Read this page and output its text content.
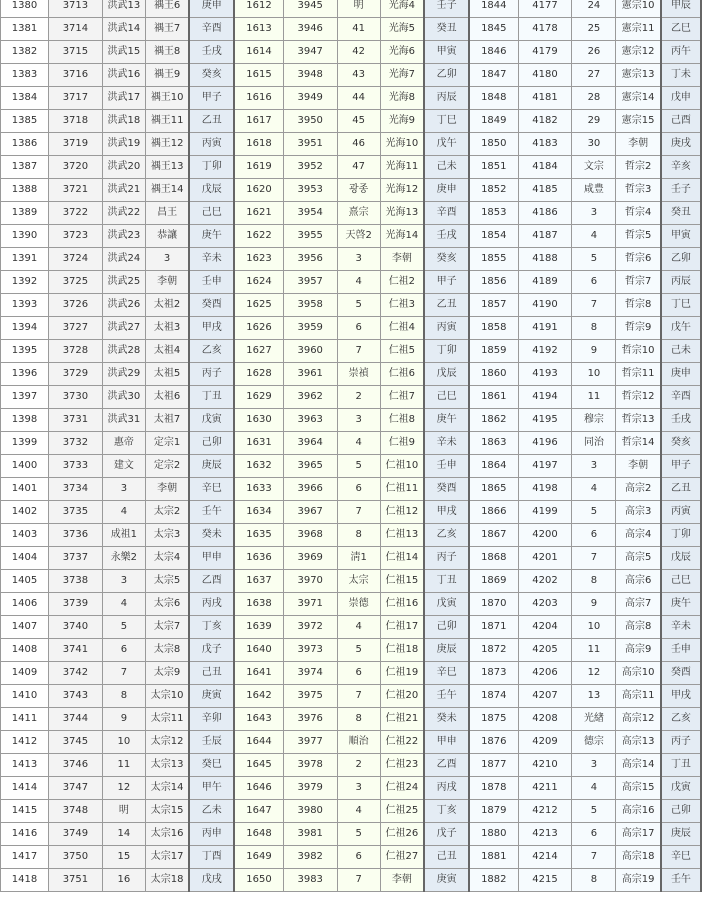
1380	3713	洪武13	禑王6	庚申	1612	3945	明	光海4	壬子	1844	4177	24	憲宗10	甲辰
1381	3714	洪武14	禑王7	辛酉	1613	3946	41	光海5	癸丑	1845	4178	25	憲宗11	乙巳
1382	3715	洪武15	禑王8	壬戌	1614	3947	42	光海6	甲寅	1846	4179	26	憲宗12	丙午
1383	3716	洪武16	禑王9	癸亥	1615	3948	43	光海7	乙卯	1847	4180	27	憲宗13	丁未
1384	3717	洪武17	禑王10	甲子	1616	3949	44	光海8	丙辰	1848	4181	28	憲宗14	戊申
1385	3718	洪武18	禑王11	乙丑	1617	3950	45	光海9	丁巳	1849	4182	29	憲宗15	己酉
1386	3719	洪武19	禑王12	丙寅	1618	3951	46	光海10	戊午	1850	4183	30	李朝	庚戌
1387	3720	洪武20	禑王13	丁卯	1619	3952	47	光海11	己未	1851	4184	文宗	哲宗2	辛亥
1388	3721	洪武21	禑王14	戊辰	1620	3953	광종	光海12	庚申	1852	4185	咸豊	哲宗3	壬子
1389	3722	洪武22	昌王	己巳	1621	3954	熹宗	光海13	辛酉	1853	4186	3	哲宗4	癸丑
1390	3723	洪武23	恭讓	庚午	1622	3955	天啓2	光海14	壬戌	1854	4187	4	哲宗5	甲寅
1391	3724	洪武24	3	辛未	1623	3956	3	李朝	癸亥	1855	4188	5	哲宗6	乙卯
1392	3725	洪武25	李朝	壬申	1624	3957	4	仁祖2	甲子	1856	4189	6	哲宗7	丙辰
1393	3726	洪武26	太祖2	癸酉	1625	3958	5	仁祖3	乙丑	1857	4190	7	哲宗8	丁巳
1394	3727	洪武27	太祖3	甲戌	1626	3959	6	仁祖4	丙寅	1858	4191	8	哲宗9	戊午
1395	3728	洪武28	太祖4	乙亥	1627	3960	7	仁祖5	丁卯	1859	4192	9	哲宗10	己未
1396	3729	洪武29	太祖5	丙子	1628	3961	崇禎	仁祖6	戊辰	1860	4193	10	哲宗11	庚申
1397	3730	洪武30	太祖6	丁丑	1629	3962	2	仁祖7	己巳	1861	4194	11	哲宗12	辛酉
1398	3731	洪武31	太祖7	戊寅	1630	3963	3	仁祖8	庚午	1862	4195	穆宗	哲宗13	壬戌
1399	3732	惠帝	定宗1	己卯	1631	3964	4	仁祖9	辛未	1863	4196	同治	哲宗14	癸亥
1400	3733	建文	定宗2	庚辰	1632	3965	5	仁祖10	壬申	1864	4197	3	李朝	甲子
1401	3734	3	李朝	辛巳	1633	3966	6	仁祖11	癸酉	1865	4198	4	高宗2	乙丑
1402	3735	4	太宗2	壬午	1634	3967	7	仁祖12	甲戌	1866	4199	5	高宗3	丙寅
1403	3736	成祖1	太宗3	癸未	1635	3968	8	仁祖13	乙亥	1867	4200	6	高宗4	丁卯
1404	3737	永樂2	太宗4	甲申	1636	3969	淸1	仁祖14	丙子	1868	4201	7	高宗5	戊辰
1405	3738	3	太宗5	乙酉	1637	3970	太宗	仁祖15	丁丑	1869	4202	8	高宗6	己巳
1406	3739	4	太宗6	丙戌	1638	3971	崇德	仁祖16	戊寅	1870	4203	9	高宗7	庚午
1407	3740	5	太宗7	丁亥	1639	3972	4	仁祖17	己卯	1871	4204	10	高宗8	辛未
1408	3741	6	太宗8	戊子	1640	3973	5	仁祖18	庚辰	1872	4205	11	高宗9	壬申
1409	3742	7	太宗9	己丑	1641	3974	6	仁祖19	辛巳	1873	4206	12	高宗10	癸酉
1410	3743	8	太宗10	庚寅	1642	3975	7	仁祖20	壬午	1874	4207	13	高宗11	甲戌
1411	3744	9	太宗11	辛卯	1643	3976	8	仁祖21	癸未	1875	4208	光緖	高宗12	乙亥
1412	3745	10	太宗12	壬辰	1644	3977	順治	仁祖22	甲申	1876	4209	德宗	高宗13	丙子
1413	3746	11	太宗13	癸巳	1645	3978	2	仁祖23	乙酉	1877	4210	3	高宗14	丁丑
1414	3747	12	太宗14	甲午	1646	3979	3	仁祖24	丙戌	1878	4211	4	高宗15	戊寅
1415	3748	明	太宗15	乙未	1647	3980	4	仁祖25	丁亥	1879	4212	5	高宗16	己卯
1416	3749	14	太宗16	丙申	1648	3981	5	仁祖26	戊子	1880	4213	6	高宗17	庚辰
1417	3750	15	太宗17	丁酉	1649	3982	6	仁祖27	己丑	1881	4214	7	高宗18	辛巳
1418	3751	16	太宗18	戊戌	1650	3983	7	李朝	庚寅	1882	4215	8	高宗19	壬午
